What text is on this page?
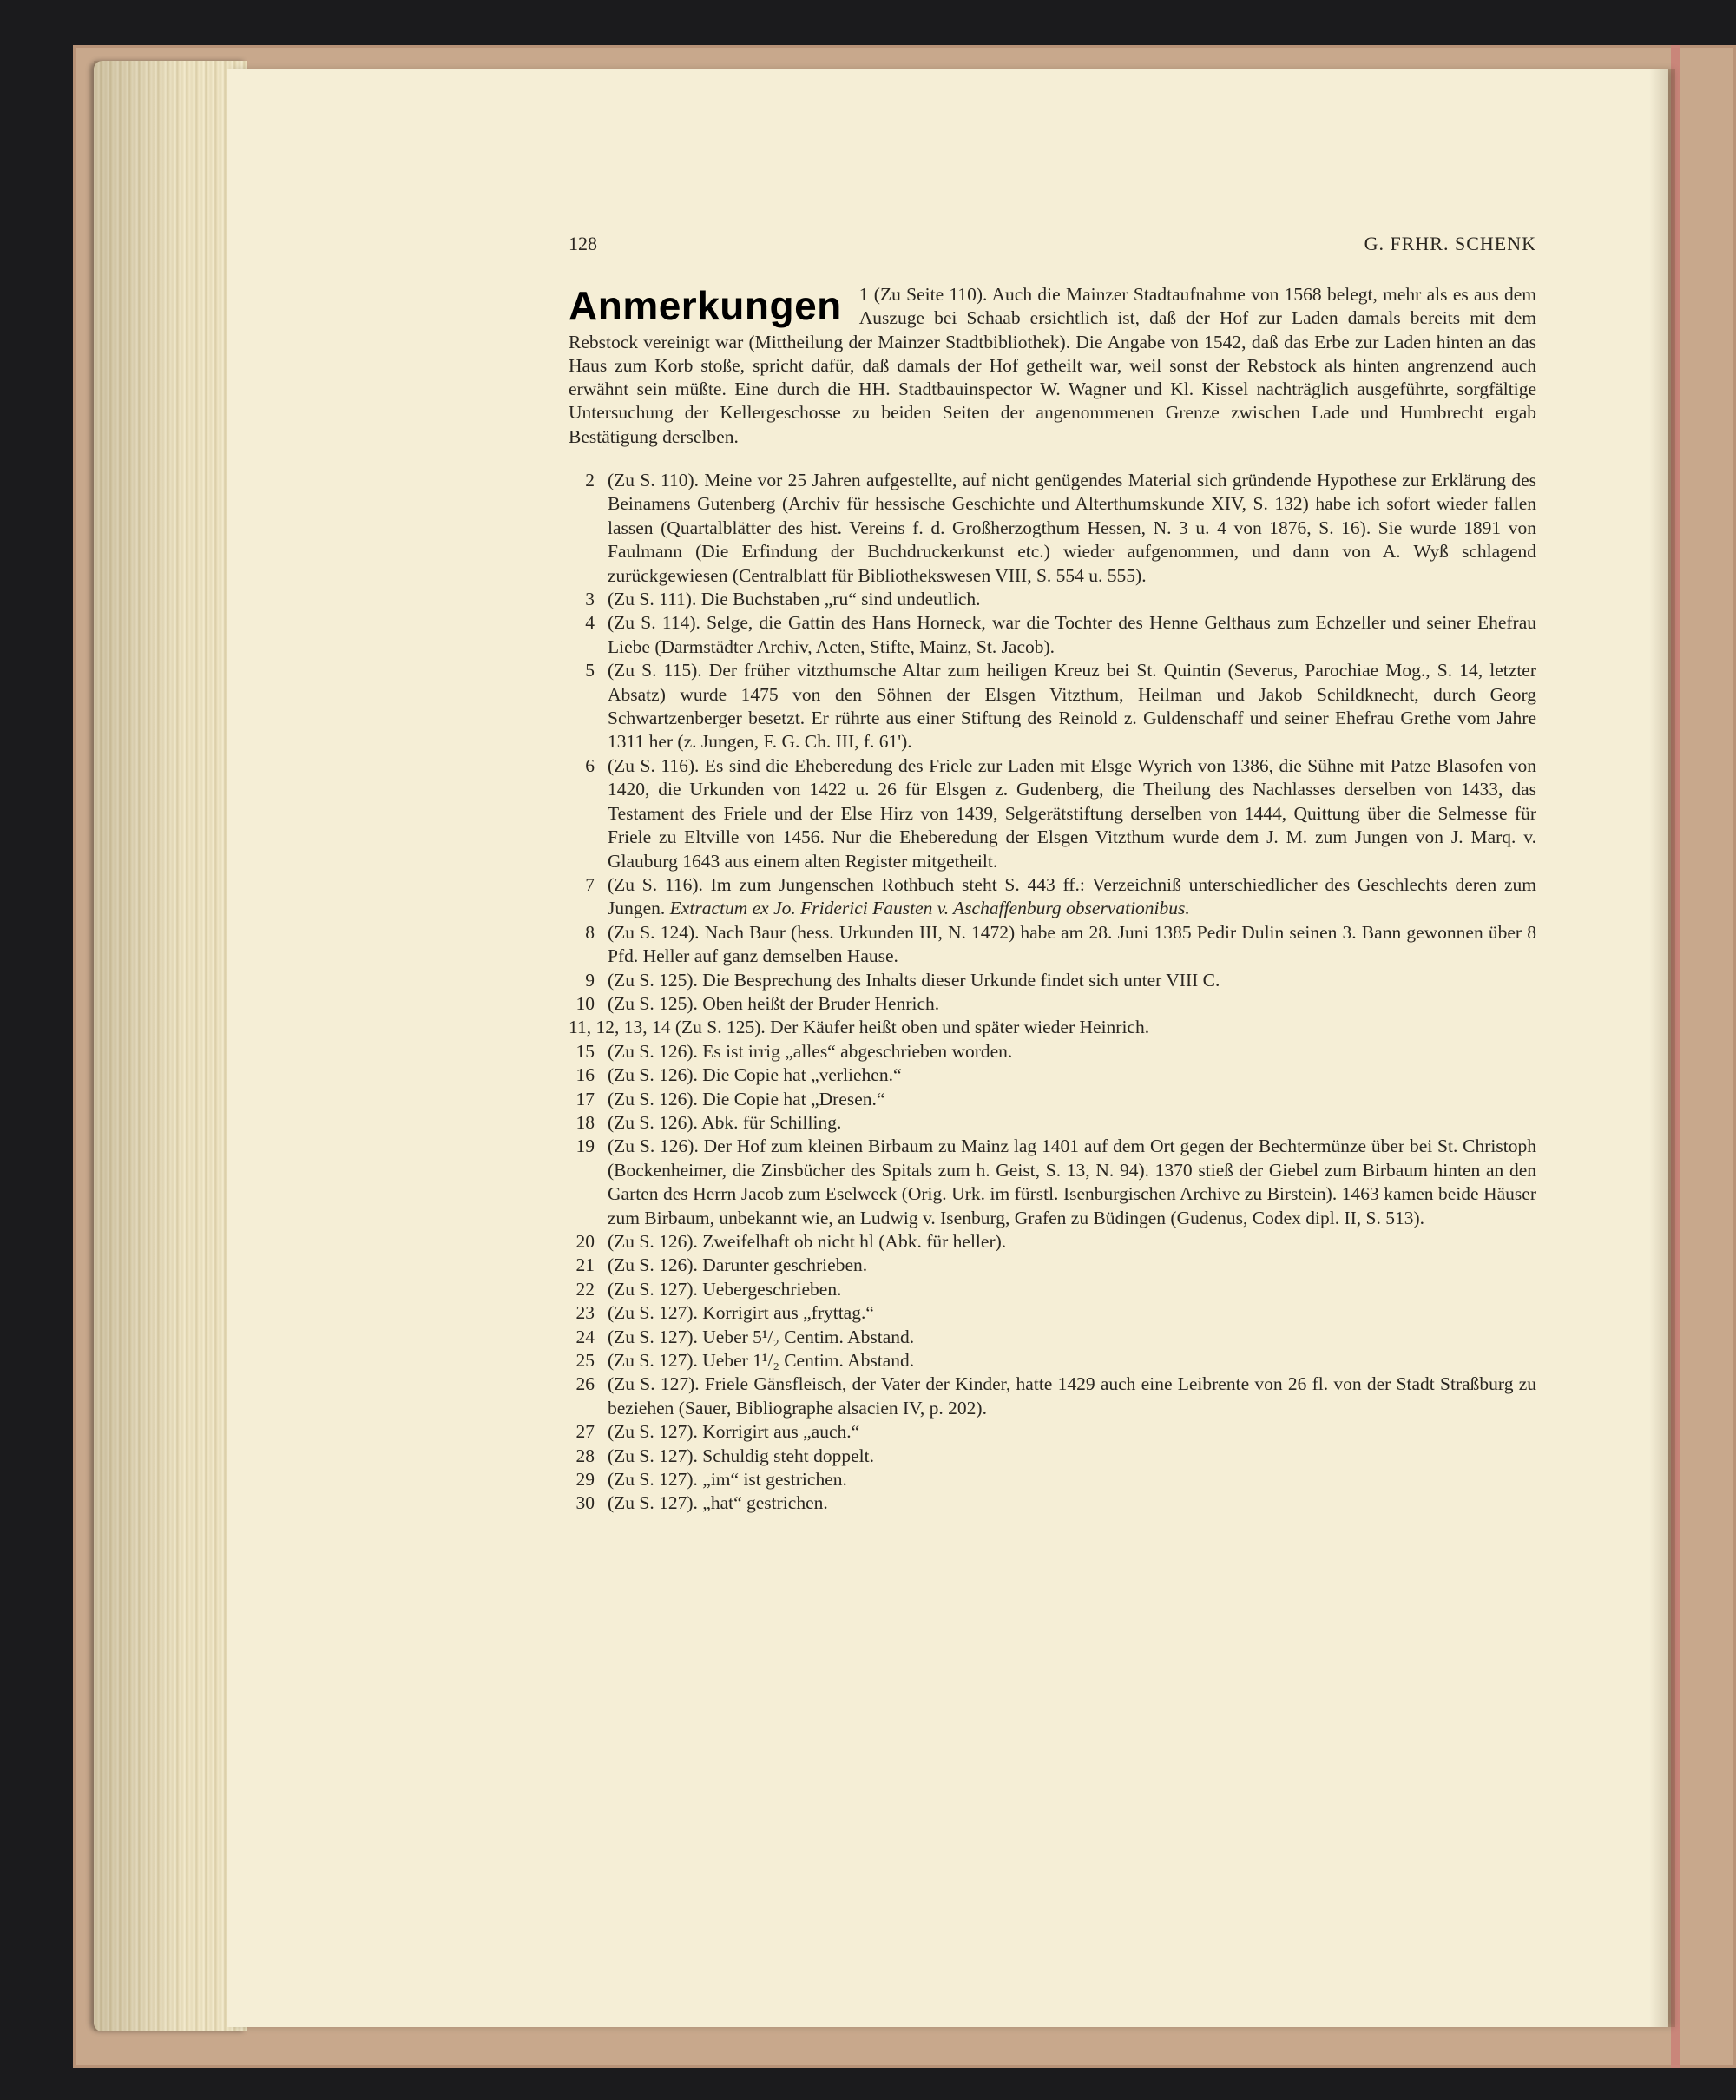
128	G. FRHR. SCHENK
Anmerkungen 1 (Zu Seite 110). Auch die Mainzer Stadtaufnahme von 1568 belegt, mehr als es aus dem Auszuge bei Schaab ersichtlich ist, daß der Hof zur Laden damals bereits mit dem Rebstock vereinigt war (Mittheilung der Mainzer Stadtbibliothek). Die Angabe von 1542, daß das Erbe zur Laden hinten an das Haus zum Korb stoße, spricht dafür, daß damals der Hof getheilt war, weil sonst der Rebstock als hinten angrenzend auch erwähnt sein müßte. Eine durch die HH. Stadtbauinspector W. Wagner und Kl. Kissel nachträglich ausgeführte, sorgfältige Untersuchung der Kellergeschosse zu beiden Seiten der angenommenen Grenze zwischen Lade und Humbrecht ergab Bestätigung derselben.

2 (Zu S. 110). Meine vor 25 Jahren aufgestellte, auf nicht genügendes Material sich gründende Hypothese zur Erklärung des Beinamens Gutenberg (Archiv für hessische Geschichte und Alterthumskunde XIV, S. 132) habe ich sofort wieder fallen lassen (Quartalblätter des hist. Vereins f. d. Großherzogthum Hessen, N. 3 u. 4 von 1876, S. 16). Sie wurde 1891 von Faulmann (Die Erfindung der Buchdruckerkunst etc.) wieder aufgenommen, und dann von A. Wyß schlagend zurückgewiesen (Centralblatt für Bibliothekswesen VIII, S. 554 u. 555).
3 (Zu S. 111). Die Buchstaben „ru“ sind undeutlich.
4 (Zu S. 114). Selge, die Gattin des Hans Horneck, war die Tochter des Henne Gelthaus zum Echzeller und seiner Ehefrau Liebe (Darmstädter Archiv, Acten, Stifte, Mainz, St. Jacob).
5 (Zu S. 115). Der früher vitzthumsche Altar zum heiligen Kreuz bei St. Quintin (Severus, Parochiae Mog., S. 14, letzter Absatz) wurde 1475 von den Söhnen der Elsgen Vitzthum, Heilman und Jakob Schildknecht, durch Georg Schwartzenberger besetzt. Er rührte aus einer Stiftung des Reinold z. Guldenschaff und seiner Ehefrau Grethe vom Jahre 1311 her (z. Jungen, F. G. Ch. III, f. 61').
6 (Zu S. 116). Es sind die Eheberedung des Friele zur Laden mit Elsge Wyrich von 1386, die Sühne mit Patze Blasofen von 1420, die Urkunden von 1422 u. 26 für Elsgen z. Gudenberg, die Theilung des Nachlasses derselben von 1433, das Testament des Friele und der Else Hirz von 1439, Selgerätstiftung derselben von 1444, Quittung über die Selmesse für Friele zu Eltville von 1456. Nur die Eheberedung der Elsgen Vitzthum wurde dem J. M. zum Jungen von J. Marq. v. Glauburg 1643 aus einem alten Register mitgetheilt.
7 (Zu S. 116). Im zum Jungenschen Rothbuch steht S. 443 ff.: Verzeichniß unterschiedlicher des Geschlechts deren zum Jungen. Extractum ex Jo. Friderici Fausten v. Aschaffenburg observationibus.
8 (Zu S. 124). Nach Baur (hess. Urkunden III, N. 1472) habe am 28. Juni 1385 Pedir Dulin seinen 3. Bann gewonnen über 8 Pfd. Heller auf ganz demselben Hause.
9 (Zu S. 125). Die Besprechung des Inhalts dieser Urkunde findet sich unter VIII C.
10 (Zu S. 125). Oben heißt der Bruder Henrich.
11, 12, 13, 14 (Zu S. 125). Der Käufer heißt oben und später wieder Heinrich.
15 (Zu S. 126). Es ist irrig „alles“ abgeschrieben worden.
16 (Zu S. 126). Die Copie hat „verliehen.“
17 (Zu S. 126). Die Copie hat „Dresen.“
18 (Zu S. 126). Abk. für Schilling.
19 (Zu S. 126). Der Hof zum kleinen Birbaum zu Mainz lag 1401 auf dem Ort gegen der Bechtermünze über bei St. Christoph (Bockenheimer, die Zinsbücher des Spitals zum h. Geist, S. 13, N. 94). 1370 stieß der Giebel zum Birbaum hinten an den Garten des Herrn Jacob zum Eselweck (Orig. Urk. im fürstl. Isenburgischen Archive zu Birstein). 1463 kamen beide Häuser zum Birbaum, unbekannt wie, an Ludwig v. Isenburg, Grafen zu Büdingen (Gudenus, Codex dipl. II, S. 513).
20 (Zu S. 126). Zweifelhaft ob nicht hl (Abk. für heller).
21 (Zu S. 126). Darunter geschrieben.
22 (Zu S. 127). Uebergeschrieben.
23 (Zu S. 127). Korrigirt aus „fryttag.“
24 (Zu S. 127). Ueber 5¹/₂ Centim. Abstand.
25 (Zu S. 127). Ueber 1¹/₂ Centim. Abstand.
26 (Zu S. 127). Friele Gänsfleisch, der Vater der Kinder, hatte 1429 auch eine Leibrente von 26 fl. von der Stadt Straßburg zu beziehen (Sauer, Bibliographe alsacien IV, p. 202).
27 (Zu S. 127). Korrigirt aus „auch.“
28 (Zu S. 127). Schuldig steht doppelt.
29 (Zu S. 127). „im“ ist gestrichen.
30 (Zu S. 127). „hat“ gestrichen.
